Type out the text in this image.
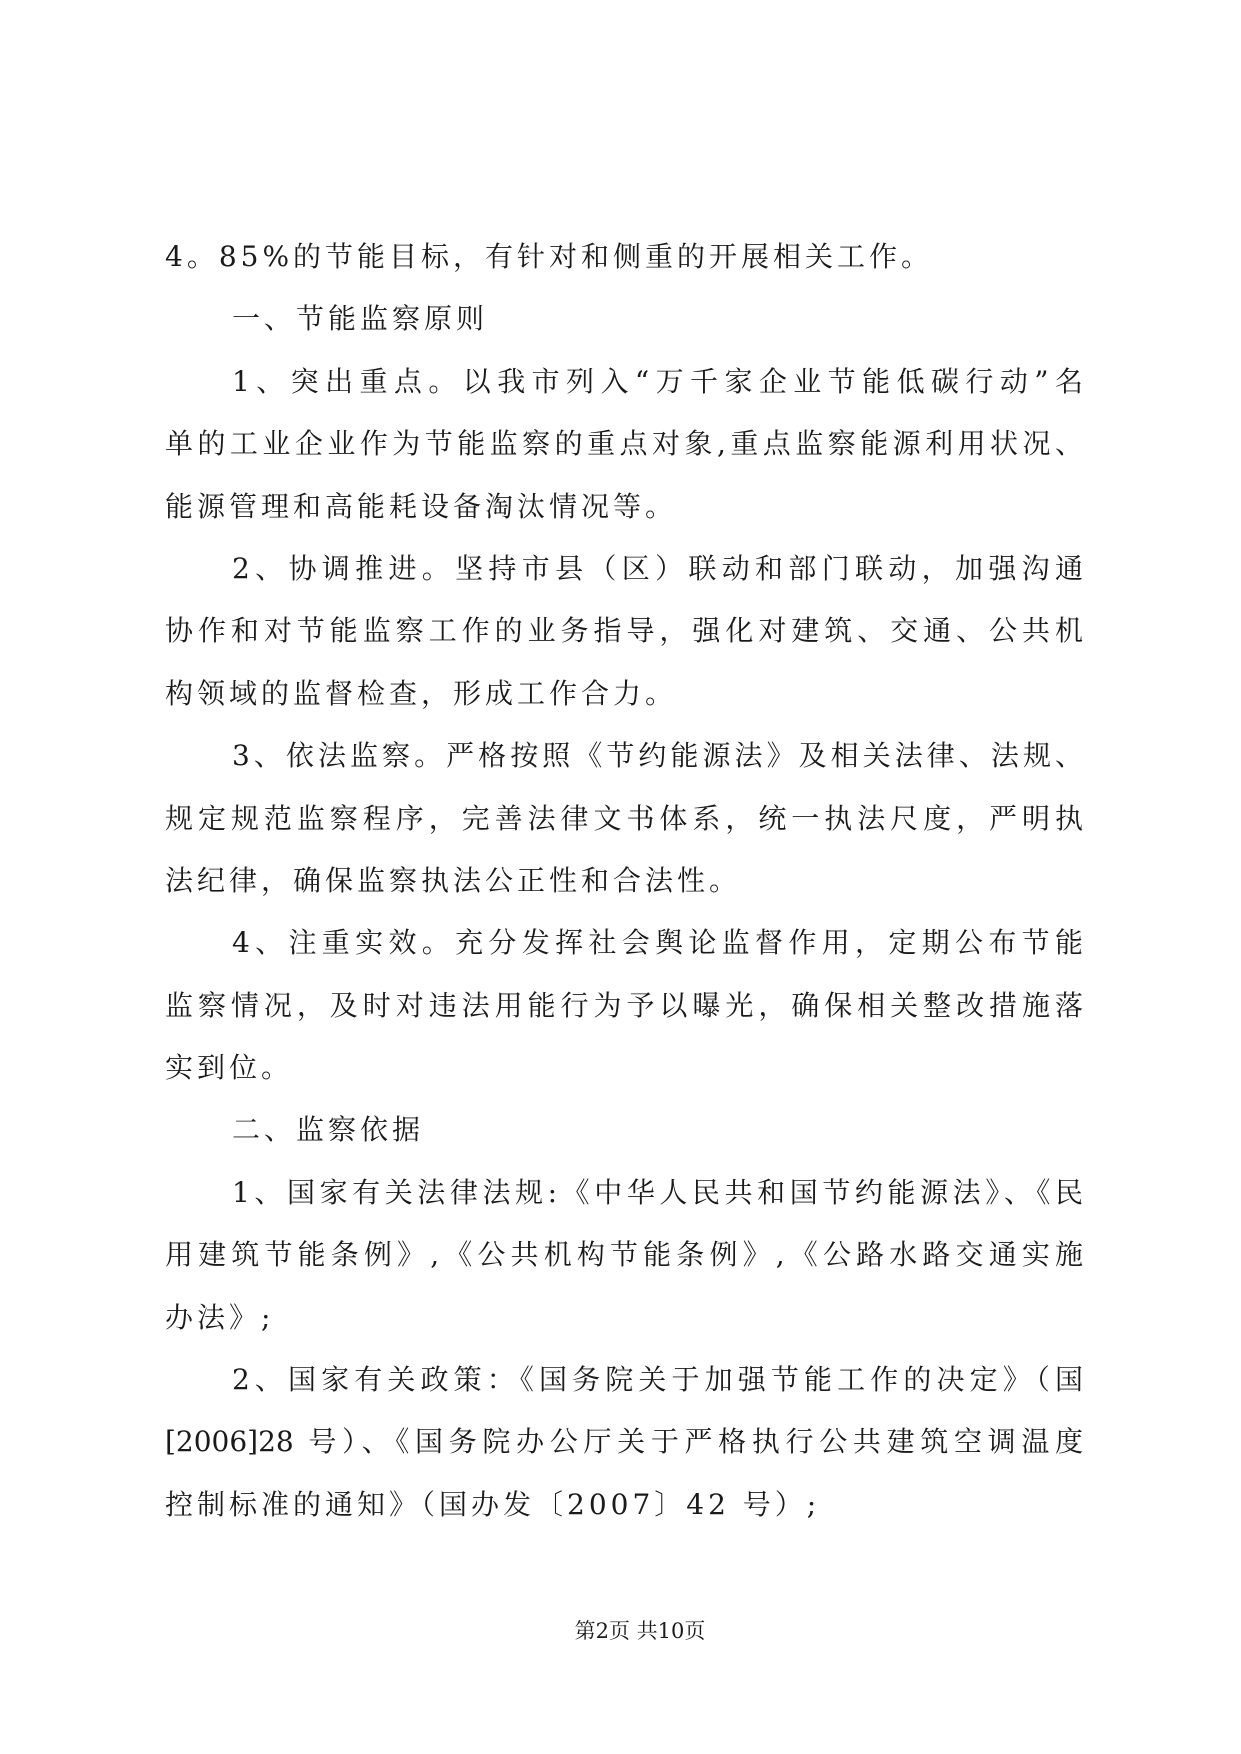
4。85%的节能目标，有针对和侧重的开展相关工作。
一、节能监察原则
1、突出重点。以我市列入“万千家企业节能低碳行动”名
单的工业企业作为节能监察的重点对象,重点监察能源利用状况、
能源管理和高能耗设备淘汰情况等。
2、协调推进。坚持市县（区）联动和部门联动，加强沟通
协作和对节能监察工作的业务指导，强化对建筑、交通、公共机
构领域的监督检查，形成工作合力。
3、依法监察。严格按照《节约能源法》及相关法律、法规、
规定规范监察程序，完善法律文书体系，统一执法尺度，严明执
法纪律，确保监察执法公正性和合法性。
4、注重实效。充分发挥社会舆论监督作用，定期公布节能
监察情况，及时对违法用能行为予以曝光，确保相关整改措施落
实到位。
二、监察依据
1、国家有关法律法规:《中华人民共和国节约能源法》、《民
用建筑节能条例》,《公共机构节能条例》,《公路水路交通实施
办法》;
2、国家有关政策：《国务院关于加强节能工作的决定》（国
[2006]28 号）、《国务院办公厅关于严格执行公共建筑空调温度
控制标准的通知》（国办发〔2007〕42 号）;
第2页 共10页
